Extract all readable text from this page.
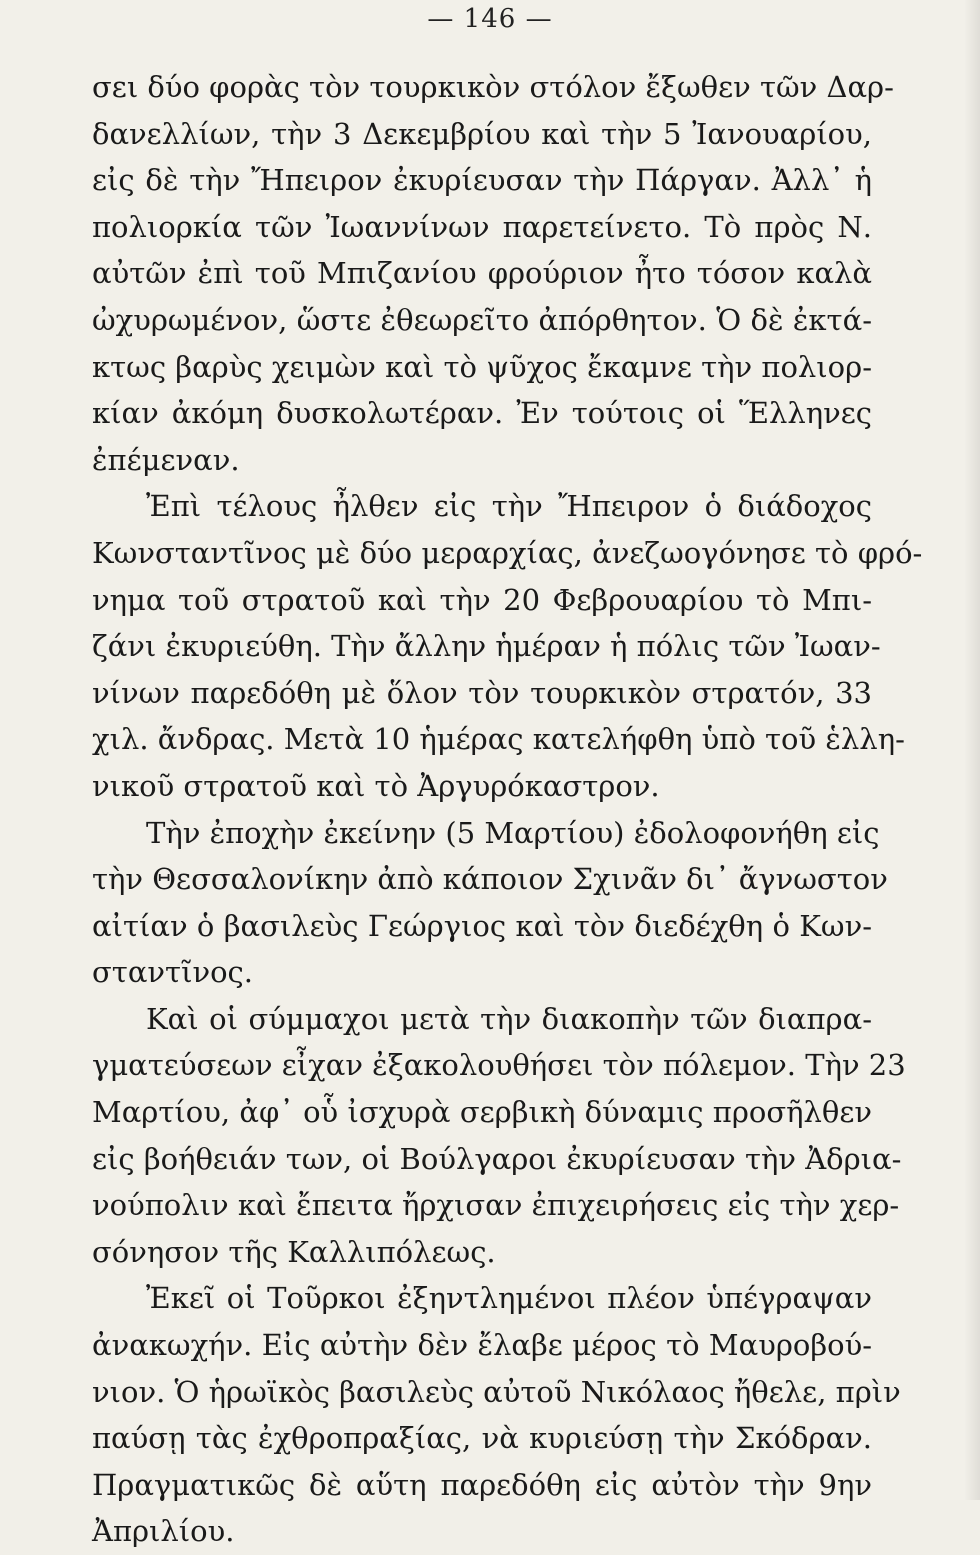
— 146 —
σει δύο φορὰς τὸν τουρκικὸν στόλον ἔξωθεν τῶν Δαρ-
δανελλίων, τὴν 3 Δεκεμβρίου καὶ τὴν 5 Ἰανουαρίου,
εἰς δὲ τὴν Ἤπειρον ἐκυρίευσαν τὴν Πάργαν. Ἀλλ᾽ ἡ
πολιορκία τῶν Ἰωαννίνων παρετείνετο. Τὸ πρὸς Ν.
αὐτῶν ἐπὶ τοῦ Μπιζανίου φρούριον ἦτο τόσον καλὰ
ὠχυρωμένον, ὥστε ἐθεωρεῖτο ἀπόρθητον. Ὁ δὲ ἐκτά-
κτως βαρὺς χειμὼν καὶ τὸ ψῦχος ἔκαμνε τὴν πολιορ-
κίαν ἀκόμη δυσκολωτέραν. Ἐν τούτοις οἱ Ἕλληνες
ἐπέμεναν.
Ἐπὶ τέλους ἦλθεν εἰς τὴν Ἤπειρον ὁ διάδοχος
Κωνσταντῖνος μὲ δύο μεραρχίας, ἀνεζωογόνησε τὸ φρό-
νημα τοῦ στρατοῦ καὶ τὴν 20 Φεβρουαρίου τὸ Μπι-
ζάνι ἐκυριεύθη. Τὴν ἄλλην ἡμέραν ἡ πόλις τῶν Ἰωαν-
νίνων παρεδόθη μὲ ὅλον τὸν τουρκικὸν στρατόν, 33
χιλ. ἄνδρας. Μετὰ 10 ἡμέρας κατελήφθη ὑπὸ τοῦ ἑλλη-
νικοῦ στρατοῦ καὶ τὸ Ἀργυρόκαστρον.
Τὴν ἐποχὴν ἐκείνην (5 Μαρτίου) ἐδολοφονήθη εἰς
τὴν Θεσσαλονίκην ἀπὸ κάποιον Σχινᾶν δι᾽ ἄγνωστον
αἰτίαν ὁ βασιλεὺς Γεώργιος καὶ τὸν διεδέχθη ὁ Κων-
σταντῖνος.
Καὶ οἱ σύμμαχοι μετὰ τὴν διακοπὴν τῶν διαπρα-
γματεύσεων εἶχαν ἐξακολουθήσει τὸν πόλεμον. Τὴν 23
Μαρτίου, ἀφ᾽ οὗ ἰσχυρὰ σερβικὴ δύναμις προσῆλθεν
εἰς βοήθειάν των, οἱ Βούλγαροι ἐκυρίευσαν τὴν Ἀδρια-
νούπολιν καὶ ἔπειτα ἤρχισαν ἐπιχειρήσεις εἰς τὴν χερ-
σόνησον τῆς Καλλιπόλεως.
Ἐκεῖ οἱ Τοῦρκοι ἐξηντλημένοι πλέον ὑπέγραψαν
ἀνακωχήν. Εἰς αὐτὴν δὲν ἔλαβε μέρος τὸ Μαυροβού-
νιον. Ὁ ἡρωϊκὸς βασιλεὺς αὐτοῦ Νικόλαος ἤθελε, πρὶν
παύσῃ τὰς ἐχθροπραξίας, νὰ κυριεύσῃ τὴν Σκόδραν.
Πραγματικῶς δὲ αὕτη παρεδόθη εἰς αὐτὸν τὴν 9ην
Ἀπριλίου.
